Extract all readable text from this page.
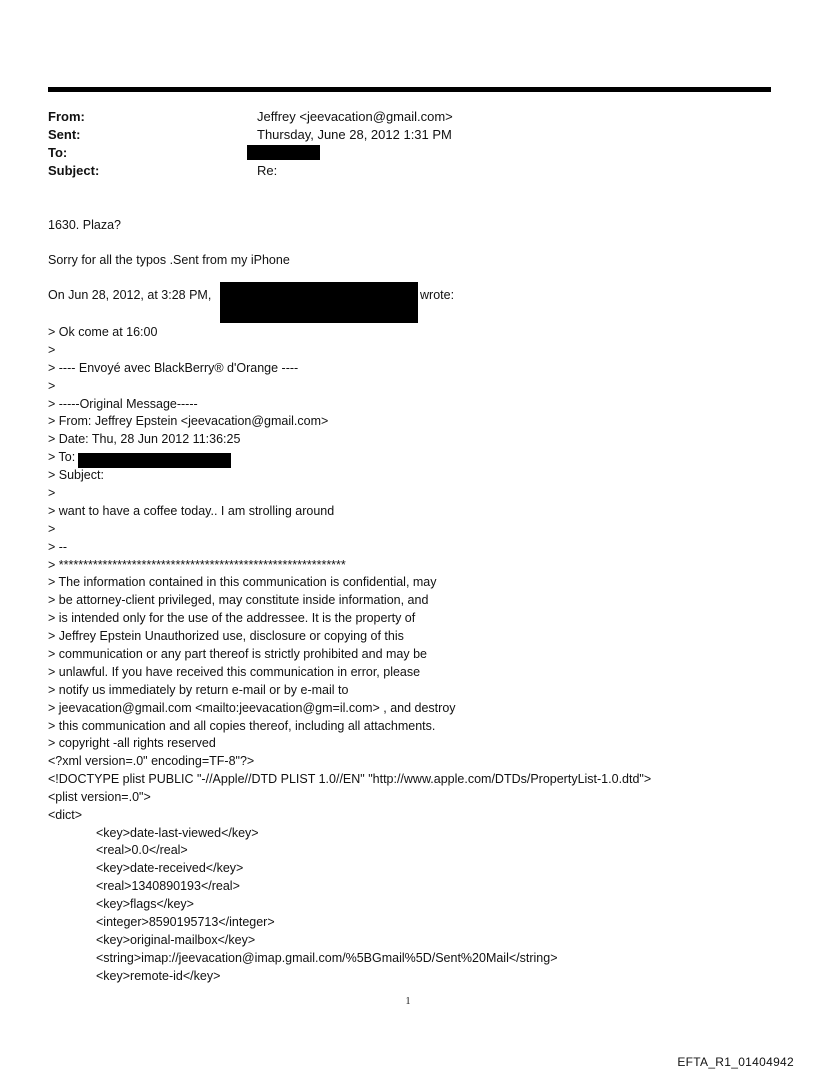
From:	Jeffrey <jeevacation@gmail.com>
Sent:	Thursday, June 28, 2012 1:31 PM
To:
Subject:	Re:
1630. Plaza?
Sorry for all the typos .Sent from my iPhone
On Jun 28, 2012, at 3:28 PM,	wrote:
> Ok come at 16:00
>
> ---- Envoyé avec BlackBerry® d'Orange ----
>
> -----Original Message-----
> From: Jeffrey Epstein <jeevacation@gmail.com>
> Date: Thu, 28 Jun 2012 11:36:25
> To:
> Subject:
>
> want to have a coffee today.. I am strolling around
>
> --
> ***********************************************************
> The information contained in this communication is confidential, may
> be attorney-client privileged, may constitute inside information, and
> is intended only for the use of the addressee. It is the property of
> Jeffrey Epstein Unauthorized use, disclosure or copying of this
> communication or any part thereof is strictly prohibited and may be
> unlawful. If you have received this communication in error, please
> notify us immediately by return e-mail or by e-mail to
> jeevacation@gmail.com <mailto:jeevacation@gm=il.com> , and destroy
> this communication and all copies thereof, including all attachments.
> copyright -all rights reserved
<?xml version=.0" encoding=TF-8"?>
<!DOCTYPE plist PUBLIC "-//Apple//DTD PLIST 1.0//EN" "http://www.apple.com/DTDs/PropertyList-1.0.dtd">
<plist version=.0">
<dict>
<key>date-last-viewed</key>
<real>0.0</real>
<key>date-received</key>
<real>1340890193</real>
<key>flags</key>
<integer>8590195713</integer>
<key>original-mailbox</key>
<string>imap://jeevacation@imap.gmail.com/%5BGmail%5D/Sent%20Mail</string>
<key>remote-id</key>
1
EFTA_R1_01404942
